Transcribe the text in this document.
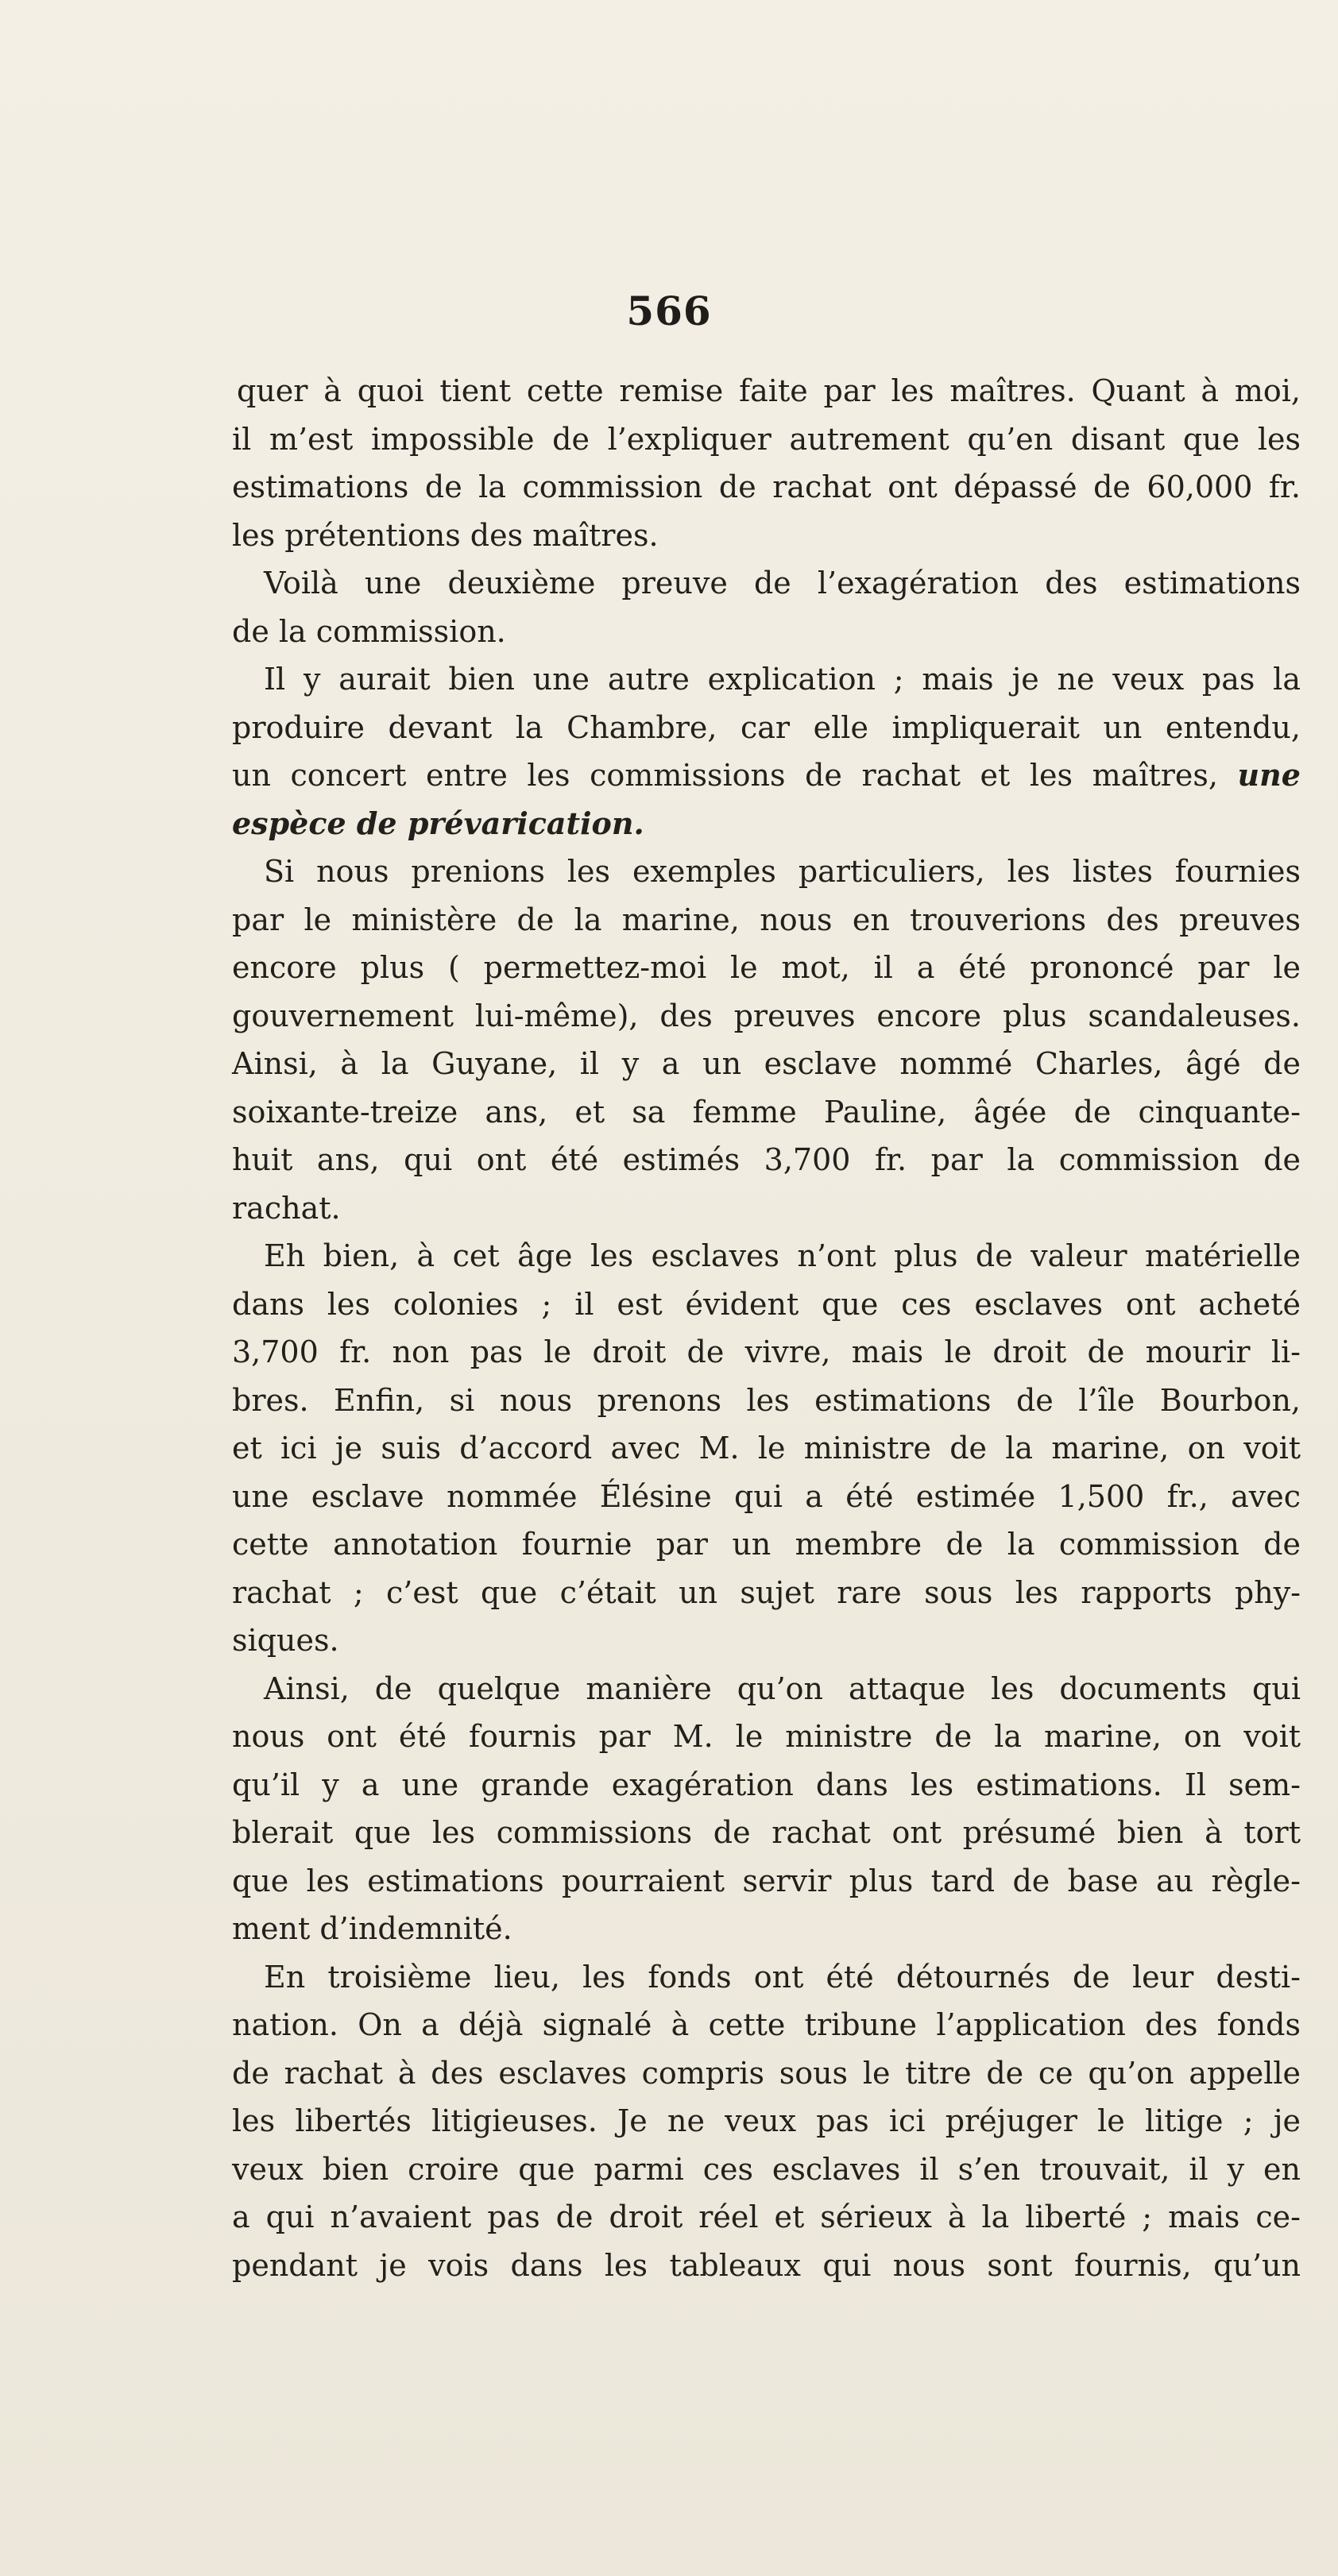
566
quer à quoi tient cette remise faite par les maîtres. Quant à moi,
il m’est impossible de l’expliquer autrement qu’en disant que les
estimations de la commission de rachat ont dépassé de 60,000 fr.
les prétentions des maîtres.
Voilà une deuxième preuve de l’exagération des estimations
de la commission.
Il y aurait bien une autre explication ; mais je ne veux pas la
produire devant la Chambre, car elle impliquerait un entendu,
un concert entre les commissions de rachat et les maîtres, une
espèce de prévarication.
Si nous prenions les exemples particuliers, les listes fournies
par le ministère de la marine, nous en trouverions des preuves
encore plus ( permettez-moi le mot, il a été prononcé par le
gouvernement lui-même), des preuves encore plus scandaleuses.
Ainsi, à la Guyane, il y a un esclave nommé Charles, âgé de
soixante-treize ans, et sa femme Pauline, âgée de cinquante-
huit ans, qui ont été estimés 3,700 fr. par la commission de
rachat.
Eh bien, à cet âge les esclaves n’ont plus de valeur matérielle
dans les colonies ; il est évident que ces esclaves ont acheté
3,700 fr. non pas le droit de vivre, mais le droit de mourir li-
bres. Enfin, si nous prenons les estimations de l’île Bourbon,
et ici je suis d’accord avec M. le ministre de la marine, on voit
une esclave nommée Élésine qui a été estimée 1,500 fr., avec
cette annotation fournie par un membre de la commission de
rachat ; c’est que c’était un sujet rare sous les rapports phy-
siques.
Ainsi, de quelque manière qu’on attaque les documents qui
nous ont été fournis par M. le ministre de la marine, on voit
qu’il y a une grande exagération dans les estimations. Il sem-
blerait que les commissions de rachat ont présumé bien à tort
que les estimations pourraient servir plus tard de base au règle-
ment d’indemnité.
En troisième lieu, les fonds ont été détournés de leur desti-
nation. On a déjà signalé à cette tribune l’application des fonds
de rachat à des esclaves compris sous le titre de ce qu’on appelle
les libertés litigieuses. Je ne veux pas ici préjuger le litige ; je
veux bien croire que parmi ces esclaves il s’en trouvait, il y en
a qui n’avaient pas de droit réel et sérieux à la liberté ; mais ce-
pendant je vois dans les tableaux qui nous sont fournis, qu’un
